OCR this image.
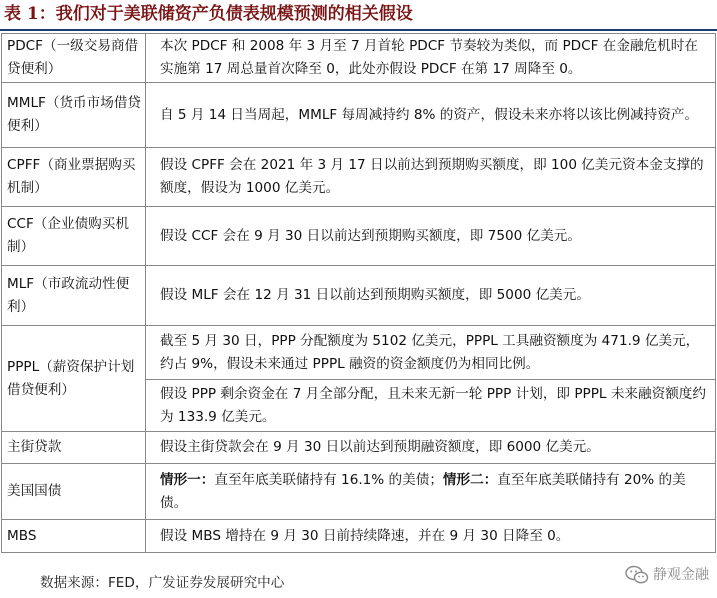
表 1：我们对于美联储资产负债表规模预测的相关假设
PDCF（一级交易商借贷便利）	本次 PDCF 和 2008 年 3 月至 7 月首轮 PDCF 节奏较为类似，而 PDCF 在金融危机时在实施第 17 周总量首次降至 0，此处亦假设 PDCF 在第 17 周降至 0。
MMLF（货币市场借贷便利）	自 5 月 14 日当周起，MMLF 每周减持约 8% 的资产，假设未来亦将以该比例减持资产。
CPFF（商业票据购买机制）	假设 CPFF 会在 2021 年 3 月 17 日以前达到预期购买额度，即 100 亿美元资本金支撑的额度，假设为 1000 亿美元。
CCF（企业债购买机制）	假设 CCF 会在 9 月 30 日以前达到预期购买额度，即 7500 亿美元。
MLF（市政流动性便利）	假设 MLF 会在 12 月 31 日以前达到预期购买额度，即 5000 亿美元。
PPPL（薪资保护计划借贷便利）	截至 5 月 30 日，PPP 分配额度为 5102 亿美元，PPPL 工具融资额度为 471.9 亿美元，约占 9%，假设未来通过 PPPL 融资的资金额度仍为相同比例。
	假设 PPP 剩余资金在 7 月全部分配，且未来无新一轮 PPP 计划，即 PPPL 未来融资额度约为 133.9 亿美元。
主街贷款	假设主街贷款会在 9 月 30 日以前达到预期融资额度，即 6000 亿美元。
美国国债	情形一：直至年底美联储持有 16.1% 的美债；情形二：直至年底美联储持有 20% 的美债。
MBS	假设 MBS 增持在 9 月 30 日前持续降速，并在 9 月 30 日降至 0。
数据来源：FED，广发证券发展研究中心	静观金融
